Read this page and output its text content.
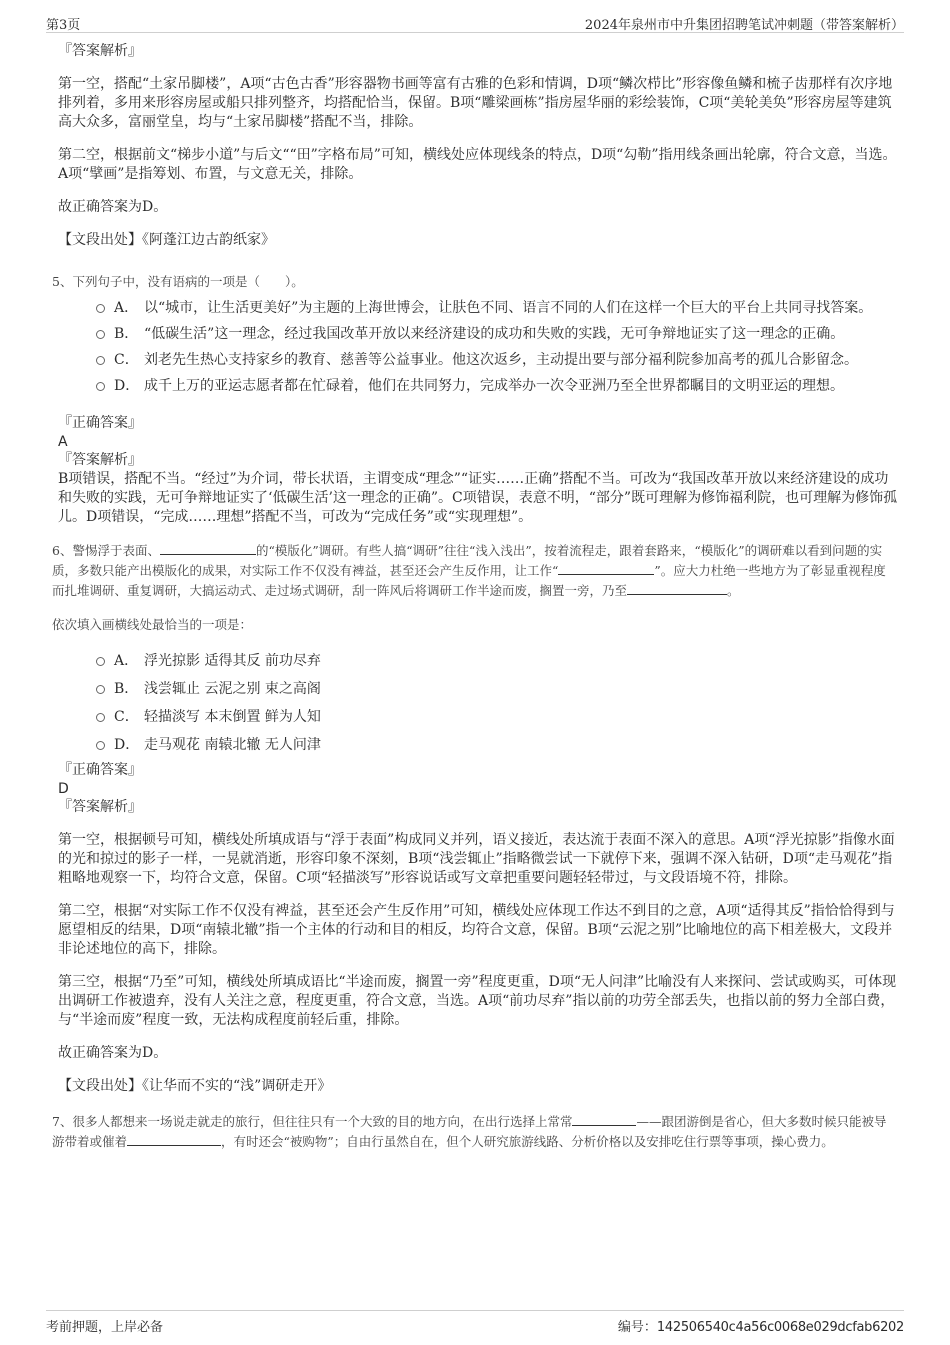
第3页	2024年泉州市中升集团招聘笔试冲刺题（带答案解析）

『答案解析』

第一空，搭配“土家吊脚楼”，A项“古色古香”形容器物书画等富有古雅的色彩和情调，D项“鳞次栉比”形容像鱼鳞和梳子齿那样有次序地排列着，多用来形容房屋或船只排列整齐，均搭配恰当，保留。B项“雕梁画栋”指房屋华丽的彩绘装饰，C项“美轮美奂”形容房屋等建筑高大众多，富丽堂皇，均与“土家吊脚楼”搭配不当，排除。

第二空，根据前文“梯步小道”与后文““田”字格布局”可知，横线处应体现线条的特点，D项“勾勒”指用线条画出轮廓，符合文意，当选。A项“擘画”是指筹划、布置，与文意无关，排除。

故正确答案为D。

【文段出处】《阿蓬江边古韵纸家》

5、下列句子中，没有语病的一项是（　　）。

A． 以“城市，让生活更美好”为主题的上海世博会，让肤色不同、语言不同的人们在这样一个巨大的平台上共同寻找答案。

B． “低碳生活”这一理念，经过我国改革开放以来经济建设的成功和失败的实践，无可争辩地证实了这一理念的正确。

C． 刘老先生热心支持家乡的教育、慈善等公益事业。他这次返乡，主动提出要与部分福利院参加高考的孤儿合影留念。

D． 成千上万的亚运志愿者都在忙碌着，他们在共同努力，完成举办一次令亚洲乃至全世界都瞩目的文明亚运的理想。

『正确答案』

A

『答案解析』

B项错误，搭配不当。“经过”为介词，带长状语，主谓变成“理念”“证实……正确”搭配不当。可改为“我国改革开放以来经济建设的成功和失败的实践，无可争辩地证实了‘低碳生活’这一理念的正确”。C项错误，表意不明，“部分”既可理解为修饰福利院，也可理解为修饰孤儿。D项错误，“完成……理想”搭配不当，可改为“完成任务”或“实现理想”。

6、警惕浮于表面、	的“模版化”调研。有些人搞“调研”往往“浅入浅出”，按着流程走，跟着套路来，“模版化”的调研难以看到问题的实质，多数只能产出模版化的成果，对实际工作不仅没有裨益，甚至还会产生反作用，让工作“	”。应大力杜绝一些地方为了彰显重视程度而扎堆调研、重复调研，大搞运动式、走过场式调研，刮一阵风后将调研工作半途而废，搁置一旁，乃至	。

依次填入画横线处最恰当的一项是：

A． 浮光掠影 适得其反 前功尽弃

B． 浅尝辄止 云泥之别 束之高阁

C． 轻描淡写 本末倒置 鲜为人知

D． 走马观花 南辕北辙 无人问津

『正确答案』

D

『答案解析』

第一空，根据顿号可知，横线处所填成语与“浮于表面”构成同义并列，语义接近，表达流于表面不深入的意思。A项“浮光掠影”指像水面的光和掠过的影子一样，一晃就消逝，形容印象不深刻，B项“浅尝辄止”指略微尝试一下就停下来，强调不深入钻研，D项“走马观花”指粗略地观察一下，均符合文意，保留。C项“轻描淡写”形容说话或写文章把重要问题轻轻带过，与文段语境不符，排除。

第二空，根据“对实际工作不仅没有裨益，甚至还会产生反作用”可知，横线处应体现工作达不到目的之意，A项“适得其反”指恰恰得到与愿望相反的结果，D项“南辕北辙”指一个主体的行动和目的相反，均符合文意，保留。B项“云泥之别”比喻地位的高下相差极大，文段并非论述地位的高下，排除。

第三空，根据“乃至”可知，横线处所填成语比“半途而废，搁置一旁”程度更重，D项“无人问津”比喻没有人来探问、尝试或购买，可体现出调研工作被遗弃，没有人关注之意，程度更重，符合文意，当选。A项“前功尽弃”指以前的功劳全部丢失，也指以前的努力全部白费，与“半途而废”程度一致，无法构成程度前轻后重，排除。

故正确答案为D。

【文段出处】《让华而不实的“浅”调研走开》

7、很多人都想来一场说走就走的旅行，但往往只有一个大致的目的地方向，在出行选择上常常	——跟团游倒是省心，但大多数时候只能被导游带着或催着	，有时还会“被购物”；自由行虽然自在，但个人研究旅游线路、分析价格以及安排吃住行票等事项，操心费力。

考前押题，上岸必备	编号：142506540c4a56c0068e029dcfab6202
